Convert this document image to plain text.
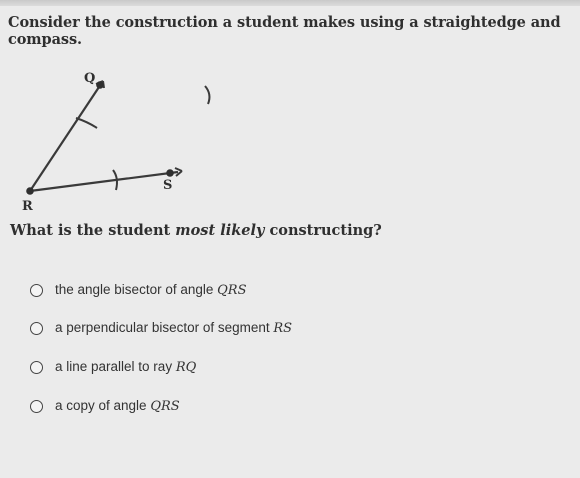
Consider the construction a student makes using a straightedge and compass.
Q
R
S
What is the student most likely constructing?
the angle bisector of angle QRS
a perpendicular bisector of segment RS
a line parallel to ray RQ
a copy of angle QRS
